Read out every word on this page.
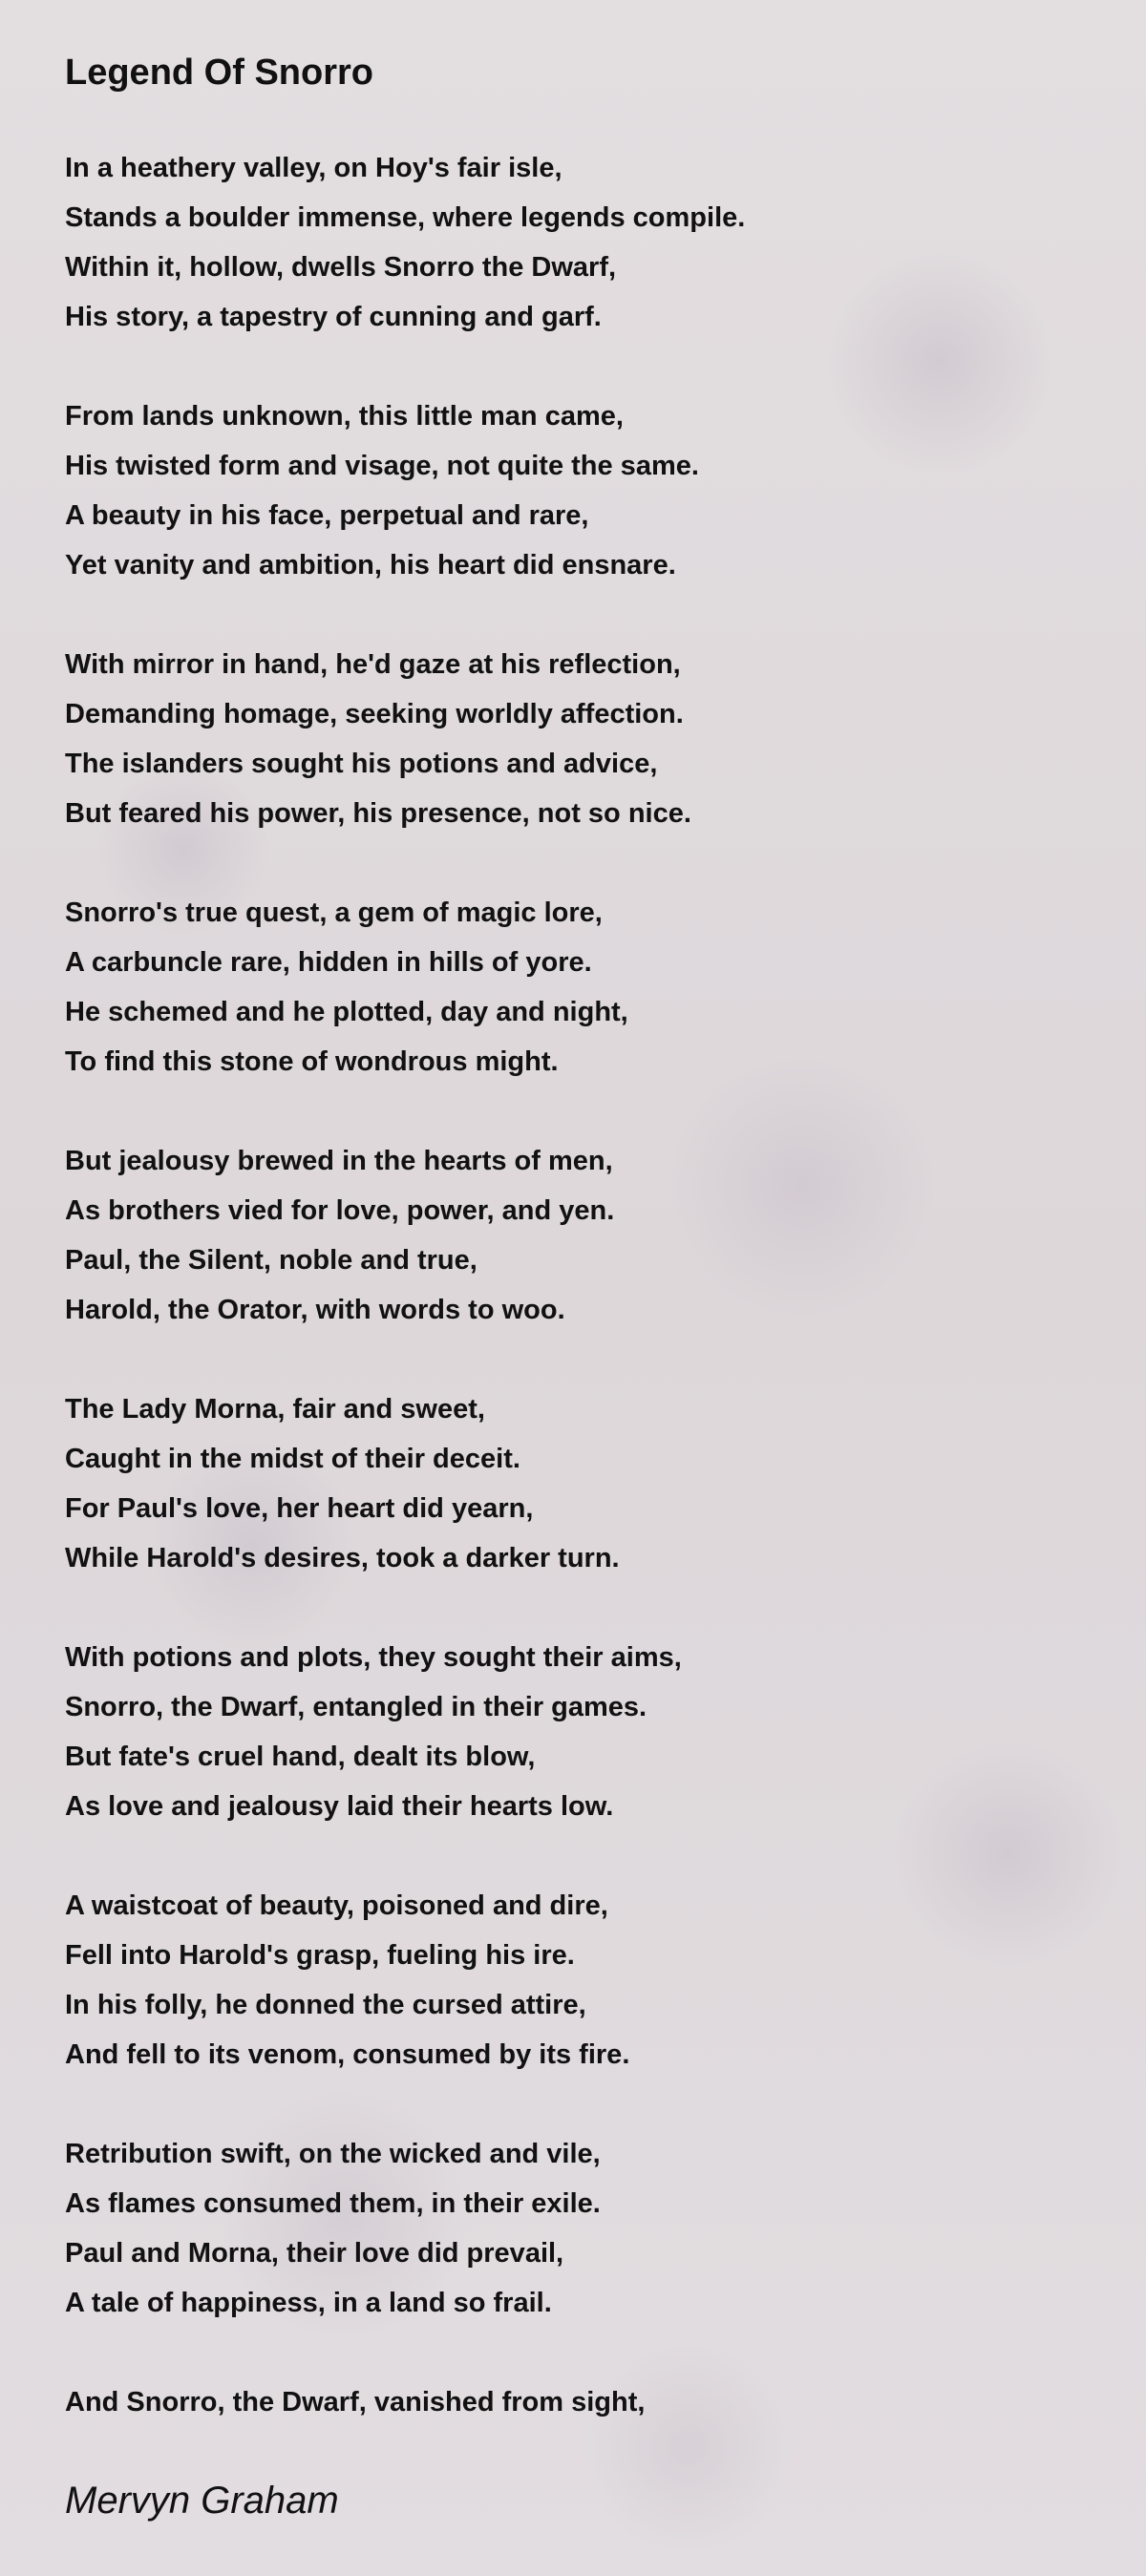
Legend Of Snorro
In a heathery valley, on Hoy's fair isle,
Stands a boulder immense, where legends compile.
Within it, hollow, dwells Snorro the Dwarf,
His story, a tapestry of cunning and garf.
From lands unknown, this little man came,
His twisted form and visage, not quite the same.
A beauty in his face, perpetual and rare,
Yet vanity and ambition, his heart did ensnare.
With mirror in hand, he'd gaze at his reflection,
Demanding homage, seeking worldly affection.
The islanders sought his potions and advice,
But feared his power, his presence, not so nice.
Snorro's true quest, a gem of magic lore,
A carbuncle rare, hidden in hills of yore.
He schemed and he plotted, day and night,
To find this stone of wondrous might.
But jealousy brewed in the hearts of men,
As brothers vied for love, power, and yen.
Paul, the Silent, noble and true,
Harold, the Orator, with words to woo.
The Lady Morna, fair and sweet,
Caught in the midst of their deceit.
For Paul's love, her heart did yearn,
While Harold's desires, took a darker turn.
With potions and plots, they sought their aims,
Snorro, the Dwarf, entangled in their games.
But fate's cruel hand, dealt its blow,
As love and jealousy laid their hearts low.
A waistcoat of beauty, poisoned and dire,
Fell into Harold's grasp, fueling his ire.
In his folly, he donned the cursed attire,
And fell to its venom, consumed by its fire.
Retribution swift, on the wicked and vile,
As flames consumed them, in their exile.
Paul and Morna, their love did prevail,
A tale of happiness, in a land so frail.
And Snorro, the Dwarf, vanished from sight,

Mervyn Graham
